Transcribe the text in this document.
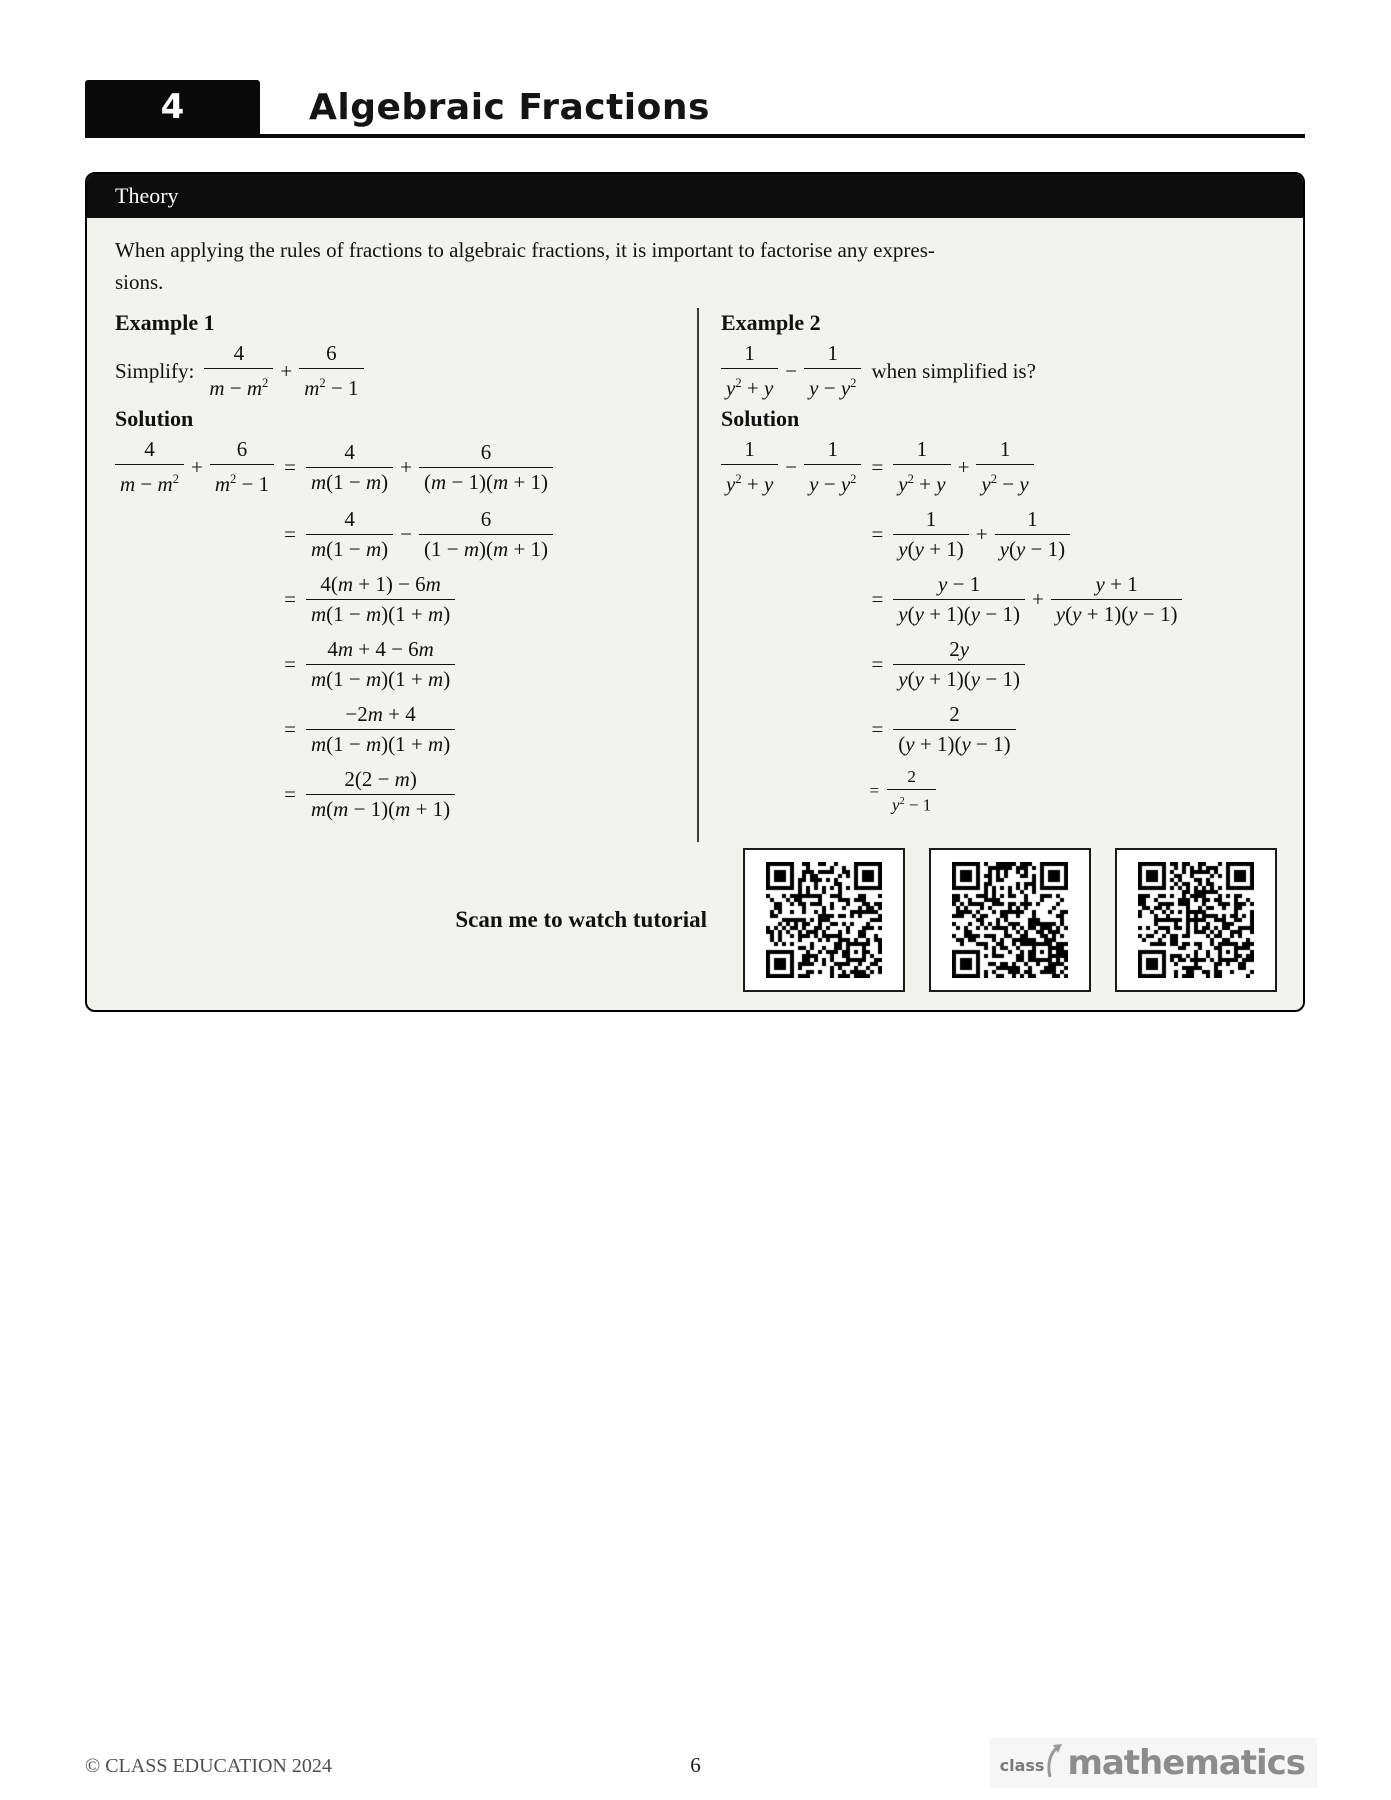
4	Algebraic Fractions
Theory
When applying the rules of fractions to algebraic fractions, it is important to factorise any expres-
sions.
Example 1
Simplify: $\frac{4}{m - m^2} + \frac{6}{m^2 - 1}$
Solution
$\frac{4}{m - m^2} + \frac{6}{m^2 - 1} = \frac{4}{m(1 - m)} + \frac{6}{(m - 1)(m + 1)}$
= $\frac{4}{m(1 - m)} - \frac{6}{(1 - m)(m + 1)}$
= $\frac{4(m + 1) - 6m}{m(1 - m)(1 + m)}$
= $\frac{4m + 4 - 6m}{m(1 - m)(1 + m)}$
= $\frac{-2m + 4}{m(1 - m)(1 + m)}$
= $\frac{2(2 - m)}{m(m - 1)(m + 1)}$
Example 2
$\frac{1}{y^2 + y} - \frac{1}{y - y^2}$ when simplified is?
Solution
$\frac{1}{y^2 + y} - \frac{1}{y - y^2} = \frac{1}{y^2 + y} + \frac{1}{y^2 - y}$
= $\frac{1}{y(y + 1)} + \frac{1}{y(y - 1)}$
= $\frac{y - 1}{y(y + 1)(y - 1)} + \frac{y + 1}{y(y + 1)(y - 1)}$
= $\frac{2y}{y(y + 1)(y - 1)}$
= $\frac{2}{(y + 1)(y - 1)}$
= $\frac{2}{y^2 - 1}$
Scan me to watch tutorial
© CLASS EDUCATION 2024	6	class mathematics
